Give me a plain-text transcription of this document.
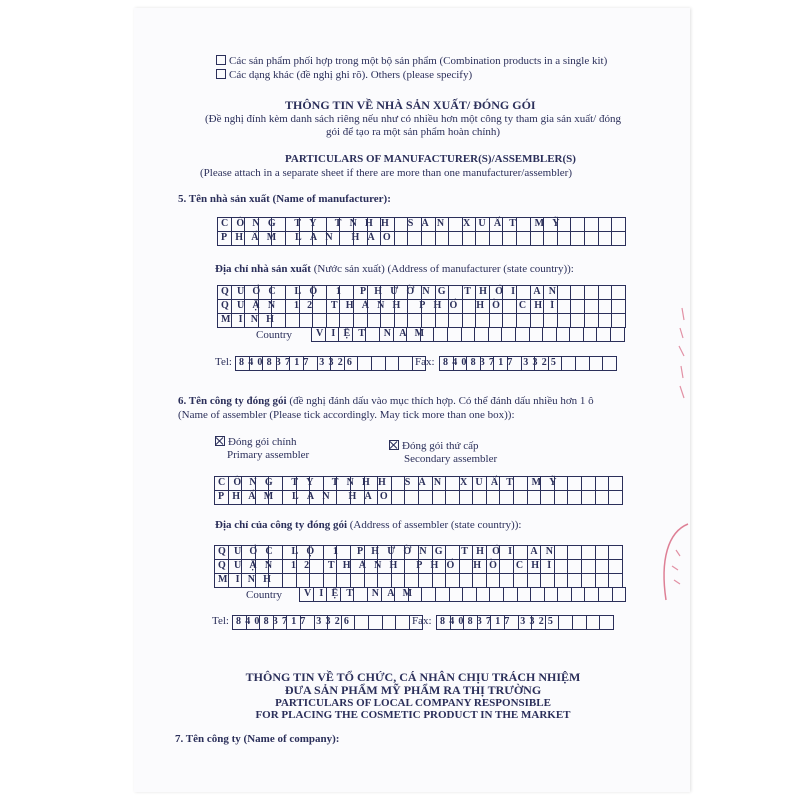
Các sản phẩm phối hợp trong một bộ sản phẩm (Combination products in a single kit)
Các dạng khác (đề nghị ghi rõ). Others (please specify)
THÔNG TIN VỀ NHÀ SẢN XUẤT/ ĐÓNG GÓI
(Đề nghị đính kèm danh sách riêng nếu như có nhiều hơn một công ty tham gia sản xuất/ đóng
gói để tạo ra một sản phẩm hoàn chỉnh)
PARTICULARS OF MANUFACTURER(S)/ASSEMBLER(S)
(Please attach in a separate sheet if there are more than one manufacturer/assembler)
5. Tên nhà sản xuất (Name of manufacturer):
CÔNG TY TNHH SẢN XUẤT MỸ
PHẨM LAN HẢO
Địa chỉ nhà sản xuất (Nước sản xuất) (Address of manufacturer (state country)):
QUỐC LỘ 1 PHƯỜNG THỚI AN
QUẬN 12 THÀNH PHỐ HỒ CHÍ
MINH
Country VIỆT NAM
Tel: 84083717 3326	Fax: 84083717 3325
6. Tên công ty đóng gói (đề nghị đánh dấu vào mục thích hợp. Có thể đánh dấu nhiều hơn 1 ô
(Name of assembler (Please tick accordingly. May tick more than one box)):
Đóng gói chính
Primary assembler
Đóng gói thứ cấp
Secondary assembler
CÔNG TY TNHH SẢN XUẤT MỸ
PHẨM LAN HẢO
Địa chỉ của công ty đóng gói (Address of assembler (state country)):
QUỐC LỘ 1 PHƯỜNG THỚI AN
QUẬN 12 THÀNH PHỐ HỒ CHÍ
MINH
Country VIỆT NAM
Tel: 84083717 3326	Fax: 84083717 3325
THÔNG TIN VỀ TỔ CHỨC, CÁ NHÂN CHỊU TRÁCH NHIỆM
ĐƯA SẢN PHẨM MỸ PHẨM RA THỊ TRƯỜNG
PARTICULARS OF LOCAL COMPANY RESPONSIBLE
FOR PLACING THE COSMETIC PRODUCT IN THE MARKET
7. Tên công ty (Name of company):
